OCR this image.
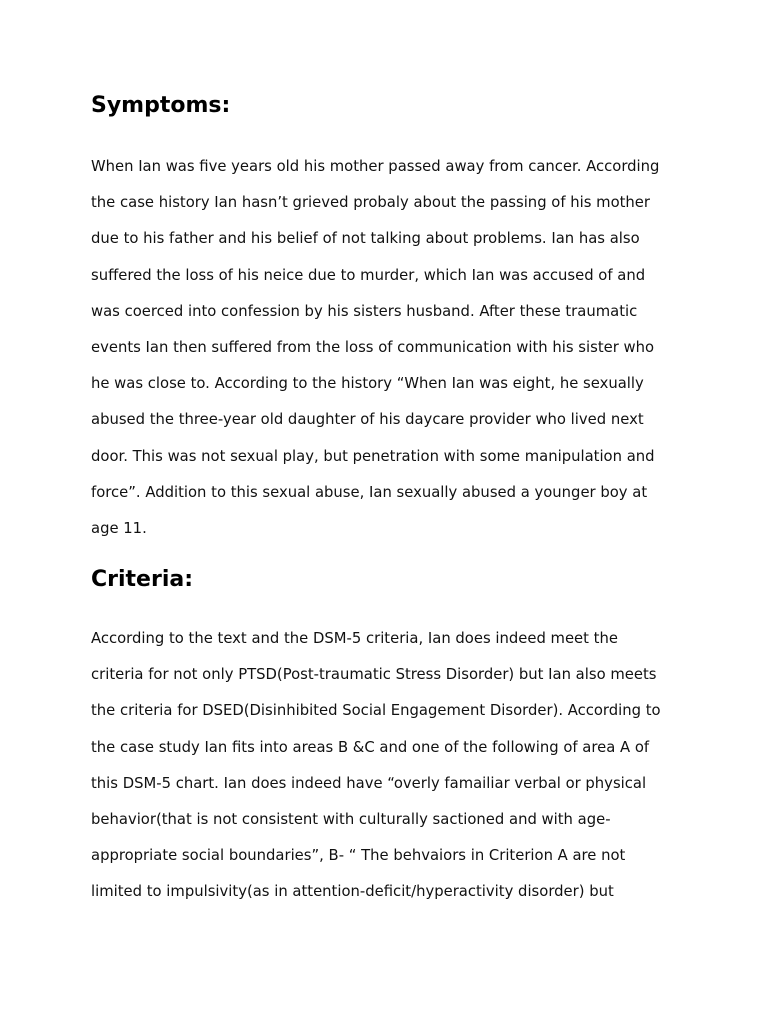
Symptoms:
When Ian was five years old his mother passed away from cancer. According
the case history Ian hasn’t grieved probaly about the passing of his mother
due to his father and his belief of not talking about problems. Ian has also
suffered the loss of his neice due to murder, which Ian was accused of and
was coerced into confession by his sisters husband. After these traumatic
events Ian then suffered from the loss of communication with his sister who
he was close to. According to the history “When Ian was eight, he sexually
abused the three-year old daughter of his daycare provider who lived next
door. This was not sexual play, but penetration with some manipulation and
force”. Addition to this sexual abuse, Ian sexually abused a younger boy at
age 11.
Criteria:
According to the text and the DSM-5 criteria, Ian does indeed meet the
criteria for not only PTSD(Post-traumatic Stress Disorder) but Ian also meets
the criteria for DSED(Disinhibited Social Engagement Disorder). According to
the case study Ian fits into areas B &C and one of the following of area A of
this DSM-5 chart. Ian does indeed have “overly famailiar verbal or physical
behavior(that is not consistent with culturally sactioned and with age-
appropriate social boundaries”, B- “ The behvaiors in Criterion A are not
limited to impulsivity(as in attention-deficit/hyperactivity disorder) but
